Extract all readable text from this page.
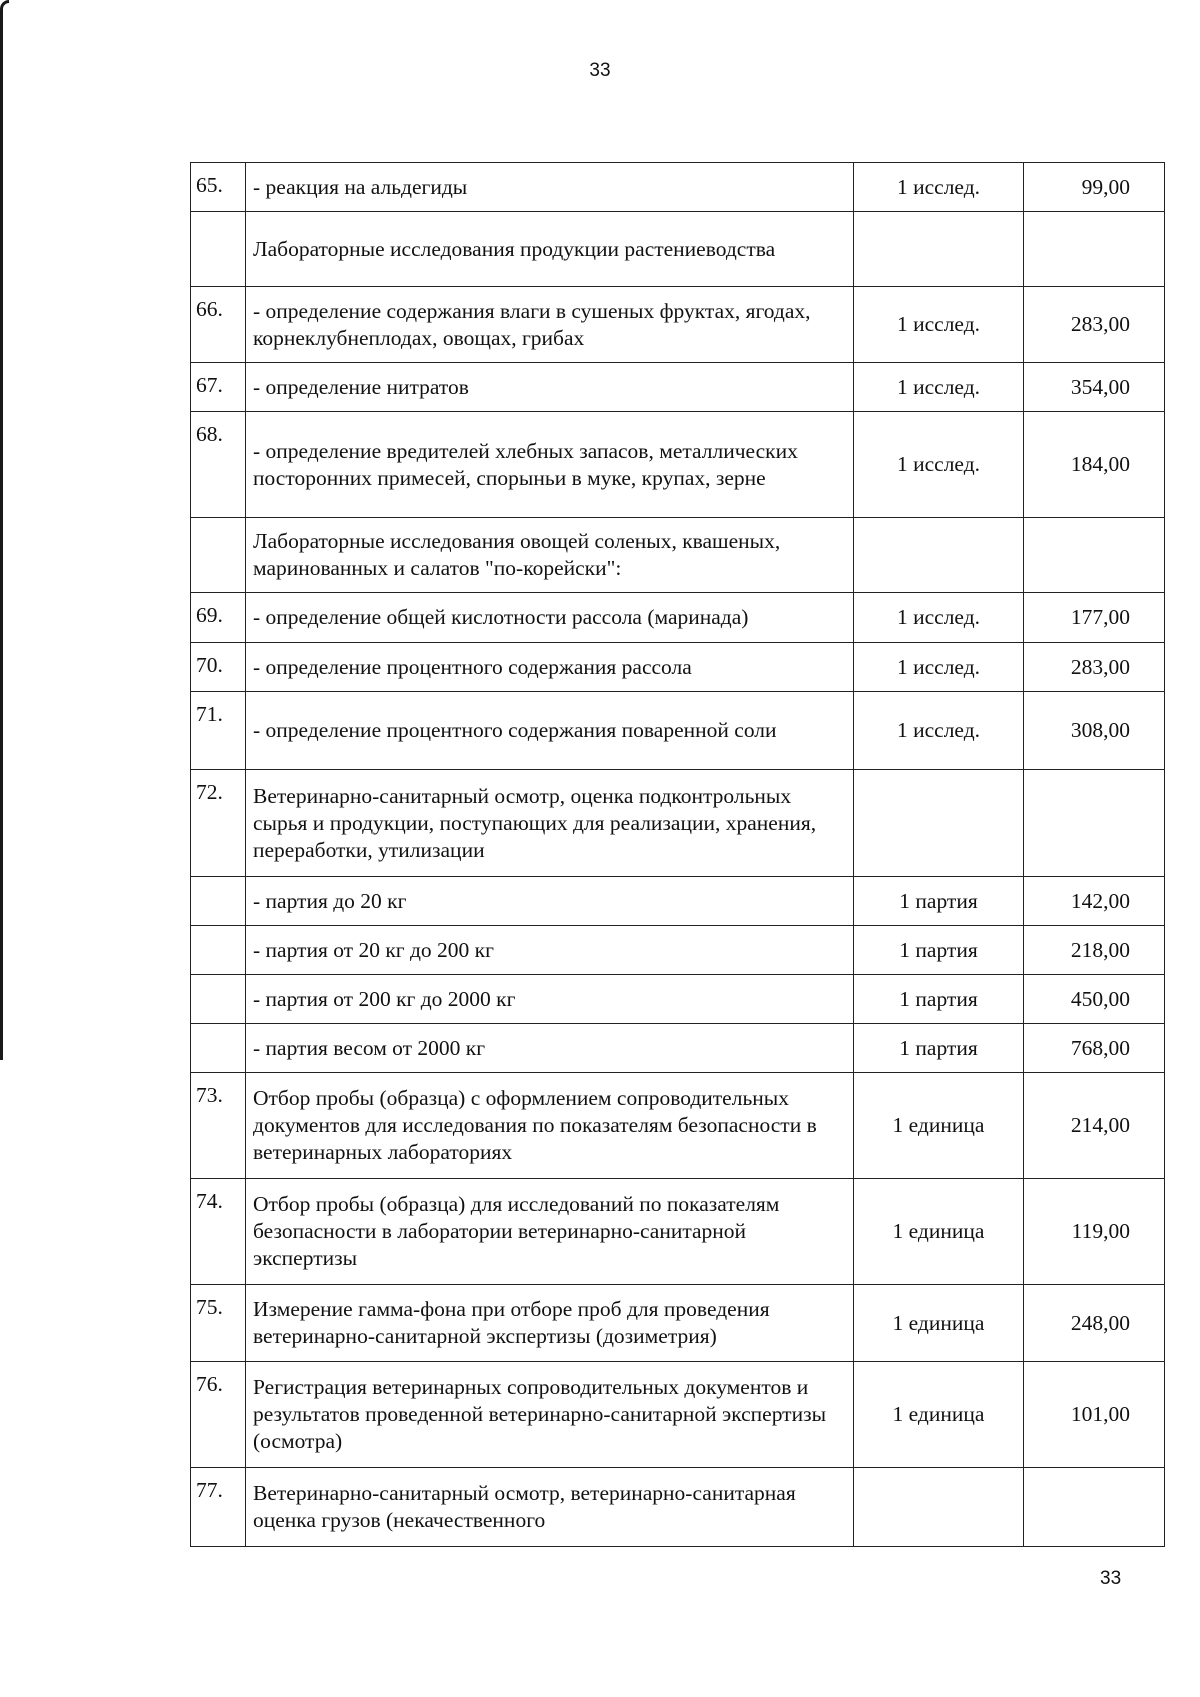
33
65.	- реакция на альдегиды	1 исслед.	99,00
	Лабораторные исследования продукции растениеводства		
66.	- определение содержания влаги в сушеных фруктах, ягодах, корнеклубнеплодах, овощах, грибах	1 исслед.	283,00
67.	- определение нитратов	1 исслед.	354,00
68.	- определение вредителей хлебных запасов, металлических посторонних примесей, спорыньи в муке, крупах, зерне	1 исслед.	184,00
	Лабораторные исследования овощей соленых, квашеных, маринованных и салатов "по-корейски":		
69.	- определение общей кислотности рассола (маринада)	1 исслед.	177,00
70.	- определение процентного содержания рассола	1 исслед.	283,00
71.	- определение процентного содержания поваренной соли	1 исслед.	308,00
72.	Ветеринарно-санитарный осмотр, оценка подконтрольных сырья и продукции, поступающих для реализации, хранения, переработки, утилизации		
	- партия до 20 кг	1 партия	142,00
	- партия от 20 кг до 200 кг	1 партия	218,00
	- партия от 200 кг до 2000 кг	1 партия	450,00
	- партия весом от 2000 кг	1 партия	768,00
73.	Отбор пробы (образца) с оформлением сопроводительных документов для исследования по показателям безопасности в ветеринарных лабораториях	1 единица	214,00
74.	Отбор пробы (образца) для исследований по показателям безопасности в лаборатории ветеринарно-санитарной экспертизы	1 единица	119,00
75.	Измерение гамма-фона при отборе проб для проведения ветеринарно-санитарной экспертизы (дозиметрия)	1 единица	248,00
76.	Регистрация ветеринарных сопроводительных документов и результатов проведенной ветеринарно-санитарной экспертизы (осмотра)	1 единица	101,00
77.	Ветеринарно-санитарный осмотр, ветеринарно-санитарная оценка грузов (некачественного		
33
